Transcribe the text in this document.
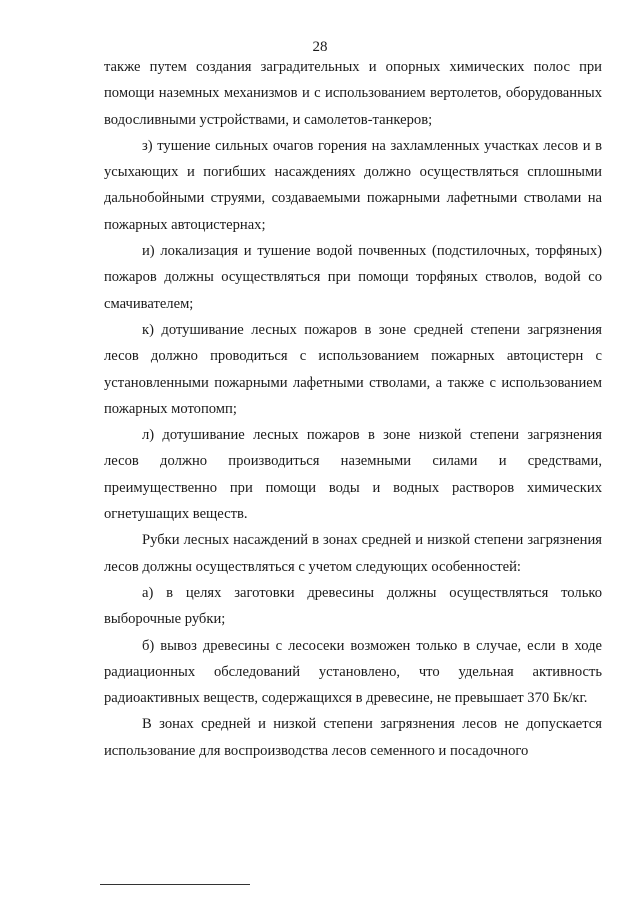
28

также путем создания заградительных и опорных химических полос при помощи наземных механизмов и с использованием вертолетов, оборудованных водосливными устройствами, и самолетов-танкеров;

з) тушение сильных очагов горения на захламленных участках лесов и в усыхающих и погибших насаждениях должно осуществляться сплошными дальнобойными струями, создаваемыми пожарными лафетными стволами на пожарных автоцистернах;

и) локализация и тушение водой почвенных (подстилочных, торфяных) пожаров должны осуществляться при помощи торфяных стволов, водой со смачивателем;

к) дотушивание лесных пожаров в зоне средней степени загрязнения лесов должно проводиться с использованием пожарных автоцистерн с установленными пожарными лафетными стволами, а также с использованием пожарных мотопомп;

л) дотушивание лесных пожаров в зоне низкой степени загрязнения лесов должно производиться наземными силами и средствами, преимущественно при помощи воды и водных растворов химических огнетушащих веществ.

Рубки лесных насаждений в зонах средней и низкой степени загрязнения лесов должны осуществляться с учетом следующих особенностей:

а) в целях заготовки древесины должны осуществляться только выборочные рубки;

б) вывоз древесины с лесосеки возможен только в случае, если в ходе радиационных обследований установлено, что удельная активность радиоактивных веществ, содержащихся в древесине, не превышает 370 Бк/кг.

В зонах средней и низкой степени загрязнения лесов не допускается использование для воспроизводства лесов семенного и посадочного
